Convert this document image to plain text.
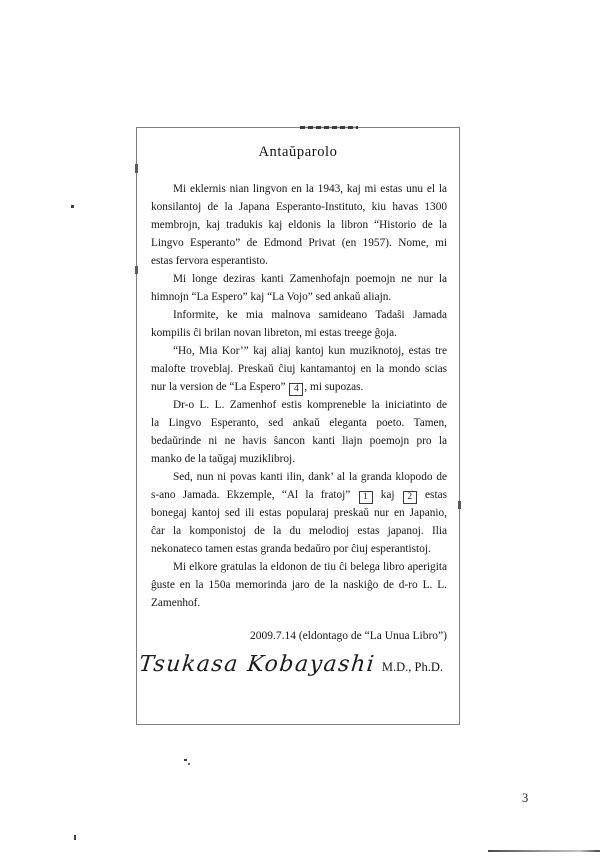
Antaŭparolo
Mi eklernis nian lingvon en la 1943, kaj mi estas unu el la
konsilantoj de la Japana Esperanto-Instituto, kiu havas 1300
membrojn, kaj tradukis kaj eldonis la libron “Historio de la
Lingvo Esperanto” de Edmond Privat (en 1957). Nome, mi
estas fervora esperantisto.
Mi longe deziras kanti Zamenhofajn poemojn ne nur la
himnojn “La Espero” kaj “La Vojo” sed ankaŭ aliajn.
Informite, ke mia malnova samideano Tadaŝi Jamada
kompilis ĉi brilan novan libreton, mi estas treege ĝoja.
“Ho, Mia Kor’” kaj aliaj kantoj kun muziknotoj, estas tre
malofte troveblaj. Preskaŭ ĉiuj kantamantoj en la mondo scias
nur la version de “La Espero” 4 , mi supozas.
Dr-o L. L. Zamenhof estis kompreneble la iniciatinto de
la Lingvo Esperanto, sed ankaŭ eleganta poeto. Tamen,
bedaŭrinde ni ne havis ŝancon kanti liajn poemojn pro la
manko de la taŭgaj muziklibroj.
Sed, nun ni povas kanti ilin, dank’ al la granda klopodo de
s-ano Jamada. Ekzemple, “Al la fratoj” 1 kaj 2 estas
bonegaj kantoj sed ili estas popularaj preskaŭ nur en Japanio,
ĉar la komponistoj de la du melodioj estas japanoj. Ilia
nekonateco tamen estas granda bedaŭro por ĉiuj esperantistoj.
Mi elkore gratulas la eldonon de tiu ĉi belega libro aperigita
ĝuste en la 150a memorinda jaro de la naskiĝo de d-ro L. L.
Zamenhof.
2009.7.14 (eldontago de “La Unua Libro”)
Tsukasa Kobayashi M.D., Ph.D.
3
